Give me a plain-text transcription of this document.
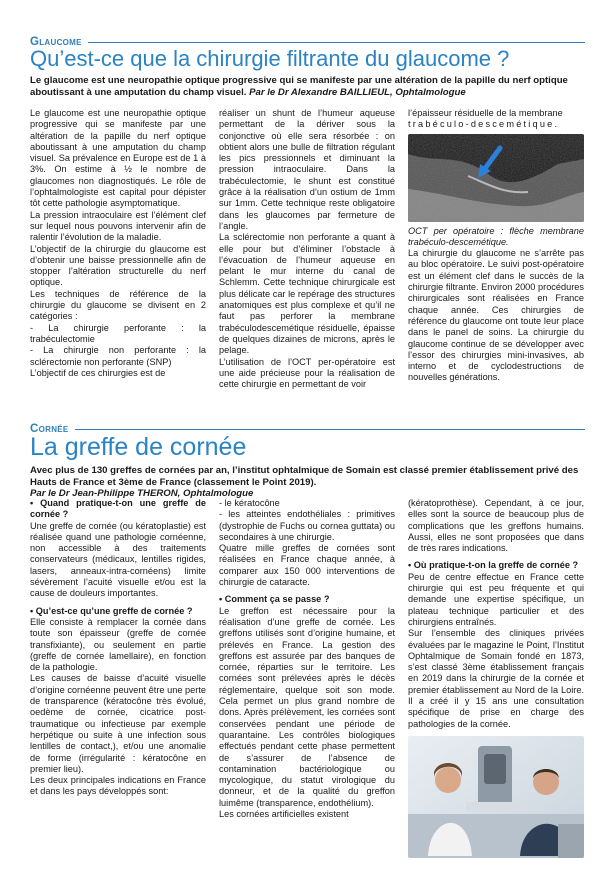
Glaucome
Qu’est-ce que la chirurgie filtrante du glaucome ?
Le glaucome est une neuropathie optique progressive qui se manifeste par une altération de la papille du nerf optique aboutissant à une amputation du champ visuel. Par le Dr Alexandre BAILLIEUL, Ophtalmologue

Le glaucome est une neuropathie optique progressive qui se manifeste par une altération de la papille du nerf optique aboutissant à une amputation du champ visuel. Sa prévalence en Europe est de 1 à 3%. On estime à ½ le nombre de glaucomes non diagnostiqués. Le rôle de l’ophtalmologiste est capital pour dépister tôt cette pathologie asymptomatique.

La pression intraoculaire est l’élément clef sur lequel nous pouvons intervenir afin de ralentir l’évolution de la maladie.

L’objectif de la chirurgie du glaucome est d’obtenir une baisse pressionnelle afin de stopper l’altération structurelle du nerf optique.

Les techniques de référence de la chirurgie du glaucome se divisent en 2 catégories :

- La chirurgie perforante : la trabéculectomie

- La chirurgie non perforante : la sclérectomie non perforante (SNP)

L’objectif de ces chirurgies est de

réaliser un shunt de l’humeur aqueuse permettant de la dériver sous la conjonctive où elle sera résorbée : on obtient alors une bulle de filtration régulant les pics pressionnels et diminuant la pression intraoculaire. Dans la trabéculectomie, le shunt est constitué grâce à la réalisation d’un ostium de 1mm sur 1mm. Cette technique reste obligatoire dans les glaucomes par fermeture de l’angle.

La sclérectomie non perforante a quant à elle pour but d’éliminer l’obstacle à l’évacuation de l’humeur aqueuse en pelant le mur interne du canal de Schlemm. Cette technique chirurgicale est plus délicate car le repérage des structures anatomiques est plus complexe et qu’il ne faut pas perforer la membrane trabéculodescemétique résiduelle, épaisse de quelques dizaines de microns, après le pelage.

L’utilisation de l’OCT per-opératoire est une aide précieuse pour la réalisation de cette chirurgie en permettant de voir

l’épaisseur résiduelle de la membrane

trabéculo-descemétique.

OCT per opératoire : flèche membrane trabéculo-descemétique.

La chirurgie du glaucome ne s’arrête pas au bloc opératoire. Le suivi post-opératoire est un élément clef dans le succès de la chirurgie filtrante. Environ 2000 procédures chirurgicales sont réalisées en France chaque année. Ces chirurgies de référence du glaucome ont toute leur place dans le panel de soins. La chirurgie du glaucome continue de se développer avec l’essor des chirurgies mini-invasives, ab interno et de cyclodestructions de nouvelles générations.

Cornée
La greffe de cornée
Avec plus de 130 greffes de cornées par an, l’institut ophtalmique de Somain est classé premier établissement privé des Hauts de France et 3ème de France (classement le Point 2019).
Par le Dr Jean-Philippe THERON, Ophtalmologue

• Quand pratique-t-on une greffe de cornée ?

Une greffe de cornée (ou kératoplastie) est réalisée quand une pathologie cornéenne, non accessible à des traitements conservateurs (médicaux, lentilles rigides, lasers, anneaux-intra-cornéens) limite sévèrement l’acuité visuelle et/ou est la cause de douleurs importantes.

• Qu’est-ce qu’une greffe de cornée ?

Elle consiste à remplacer la cornée dans toute son épaisseur (greffe de cornée transfixiante), ou seulement en partie (greffe de cornée lamellaire), en fonction de la pathologie.

Les causes de baisse d’acuité visuelle d’origine cornéenne peuvent être une perte de transparence (kératocône très évolué, oedème de cornée, cicatrice post-traumatique ou infectieuse par exemple herpétique ou suite à une infection sous lentilles de contact,), et/ou une anomalie de forme (irrégularité : kératocône en premier lieu).

Les deux principales indications en France et dans les pays développés sont:

- le kératocône

- les atteintes endothéliales : primitives (dystrophie de Fuchs ou cornea guttata) ou secondaires à une chirurgie.

Quatre mille greffes de cornées sont réalisées en France chaque année, à comparer aux 150 000 interventions de chirurgie de cataracte.

• Comment ça se passe ?

Le greffon est nécessaire pour la réalisation d’une greffe de cornée. Les greffons utilisés sont d’origine humaine, et prélevés en France. La gestion des greffons est assurée par des banques de cornée, réparties sur le territoire. Les cornées sont prélevées après le décès réglementaire, quelque soit son mode. Cela permet un plus grand nombre de dons. Après prélèvement, les cornées sont conservées pendant une période de quarantaine. Les contrôles biologiques effectués pendant cette phase permettent de s’assurer de l’absence de contamination bactériologique ou mycologique, du statut virologique du donneur, et de la qualité du greffon luimême (transparence, endothélium).

Les cornées artificielles existent

(kératoprothèse). Cependant, à ce jour, elles sont la source de beaucoup plus de complications que les greffons humains. Aussi, elles ne sont proposées que dans de très rares indications.

• Où pratique-t-on la greffe de cornée ?

Peu de centre effectue en France cette chirurgie qui est peu fréquente et qui demande une expertise spécifique, un plateau technique particulier et des chirurgiens entraînés.

Sur l’ensemble des cliniques privées évaluées par le magazine le Point, l’Institut Ophtalmique de Somain fondé en 1873, s’est classé 3ème établissement français en 2019 dans la chirurgie de la cornée et premier établissement au Nord de la Loire. Il a créé il y 15 ans une consultation spécifique de prise en charge des pathologies de la cornée.
